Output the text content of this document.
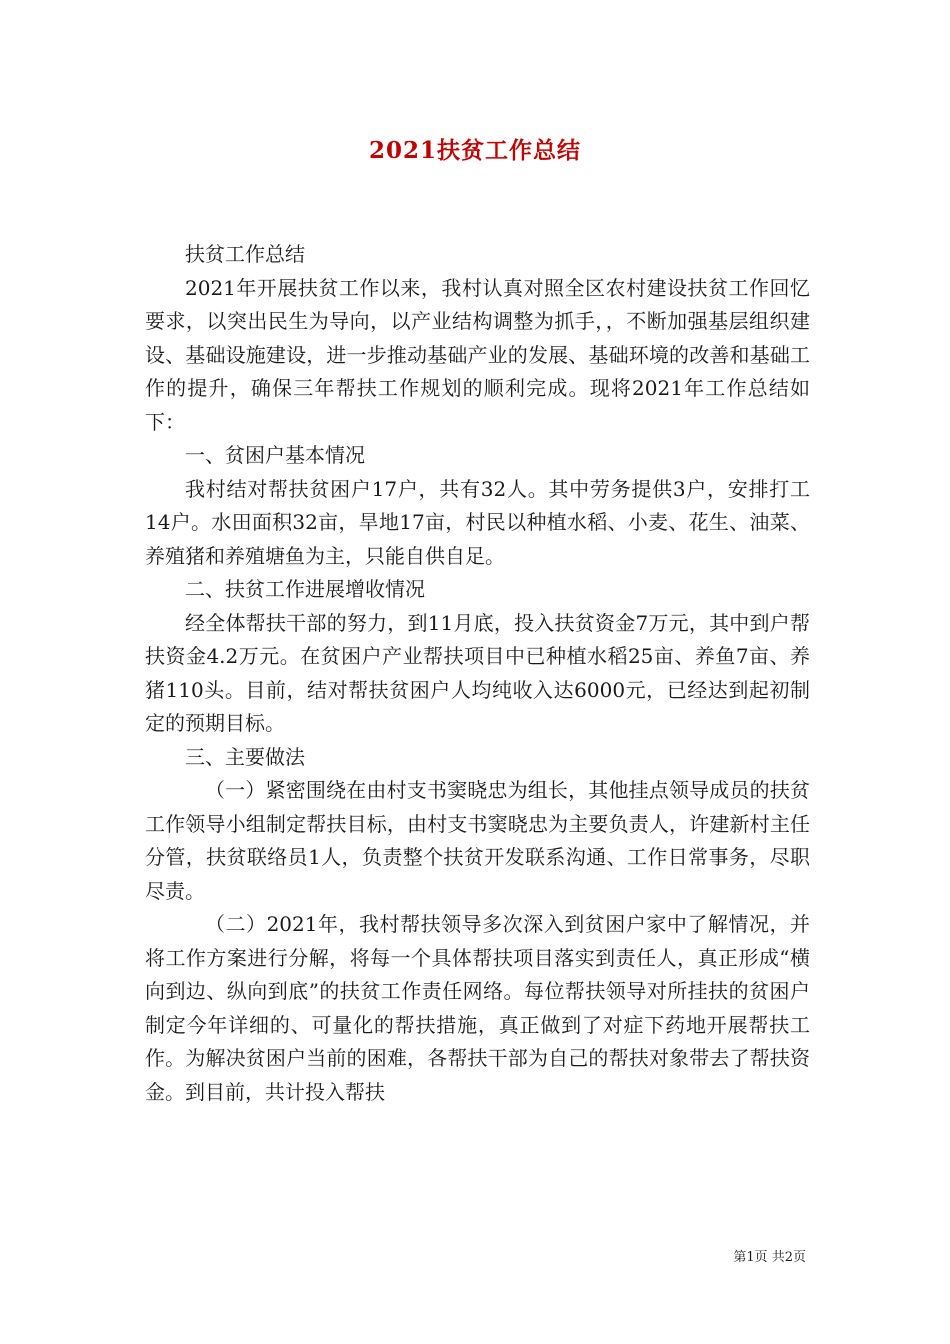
2021扶贫工作总结

扶贫工作总结

2021年开展扶贫工作以来，我村认真对照全区农村建设扶贫工作回忆要求，以突出民生为导向，以产业结构调整为抓手，，不断加强基层组织建设、基础设施建设，进一步推动基础产业的发展、基础环境的改善和基础工作的提升，确保三年帮扶工作规划的顺利完成。现将2021年工作总结如下：

一、贫困户基本情况

我村结对帮扶贫困户17户，共有32人。其中劳务提供3户，安排打工14户。水田面积32亩，旱地17亩，村民以种植水稻、小麦、花生、油菜、养殖猪和养殖塘鱼为主，只能自供自足。

二、扶贫工作进展增收情况

经全体帮扶干部的努力，到11月底，投入扶贫资金7万元，其中到户帮扶资金4.2万元。在贫困户产业帮扶项目中已种植水稻25亩、养鱼7亩、养猪110头。目前，结对帮扶贫困户人均纯收入达6000元，已经达到起初制定的预期目标。

三、主要做法

（一）紧密围绕在由村支书窦晓忠为组长，其他挂点领导成员的扶贫工作领导小组制定帮扶目标，由村支书窦晓忠为主要负责人，许建新村主任分管，扶贫联络员1人，负责整个扶贫开发联系沟通、工作日常事务，尽职尽责。

（二）2021年，我村帮扶领导多次深入到贫困户家中了解情况，并将工作方案进行分解，将每一个具体帮扶项目落实到责任人，真正形成“横向到边、纵向到底”的扶贫工作责任网络。每位帮扶领导对所挂扶的贫困户制定今年详细的、可量化的帮扶措施，真正做到了对症下药地开展帮扶工作。为解决贫困户当前的困难，各帮扶干部为自己的帮扶对象带去了帮扶资金。到目前，共计投入帮扶

第1页 共2页
